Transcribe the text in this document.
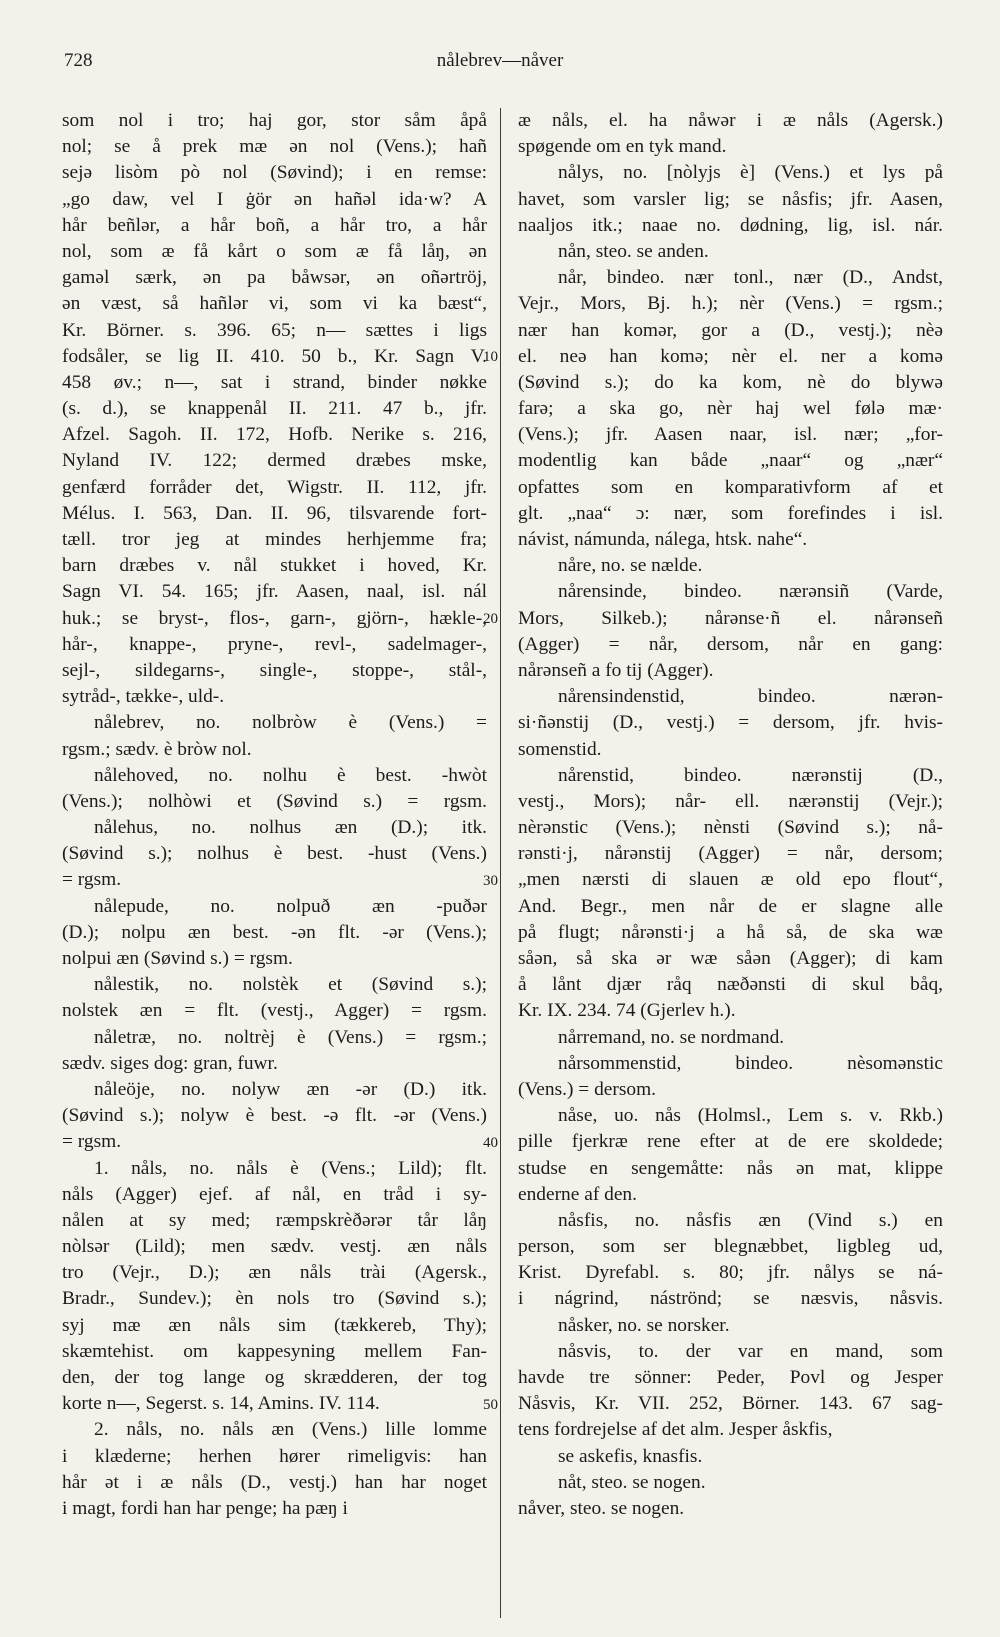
728	nålebrev—nåver
som nol i tro; haj gor, stor såm åpå
nol; se å prek mæ ən nol (Vens.); hañ
sejə lisòm pò nol (Søvind); i en remse:
„go daw, vel I ġör ən hañəl ida·w? A
hår beñlər, a hår boñ, a hår tro, a hår
nol, som æ få kårt o som æ få låŋ, ən
gaməl særk, ən pa båwsər, ən oñərtröj,
ən væst, så hañlər vi, som vi ka bæst“,
Kr. Börner. s. 396. 65; n— sættes i ligs
fodsåler, se lig II. 410. 50 b., Kr. Sagn V.
458 øv.; n—, sat i strand, binder nøkke
(s. d.), se knappenål II. 211. 47 b., jfr.
Afzel. Sagoh. II. 172, Hofb. Nerike s. 216,
Nyland IV. 122; dermed dræbes mske,
genfærd forråder det, Wigstr. II. 112, jfr.
Mélus. I. 563, Dan. II. 96, tilsvarende fort-
tæll. tror jeg at mindes herhjemme fra;
barn dræbes v. nål stukket i hoved, Kr.
Sagn VI. 54. 165; jfr. Aasen, naal, isl. nál
huk.; se bryst-, flos-, garn-, gjörn-, hækle-,
hår-, knappe-, pryne-, revl-, sadelmager-,
sejl-, sildegarns-, single-, stoppe-, stål-,
sytråd-, tække-, uld-.
nålebrev, no. nolbròw è (Vens.) =
rgsm.; sædv. è bròw nol.
nålehoved, no. nolhu è best. -hwòt
(Vens.); nolhòwi et (Søvind s.) = rgsm.
nålehus, no. nolhus æn (D.); itk.
(Søvind s.); nolhus è best. -hust (Vens.)
= rgsm.
nålepude, no. nolpuð æn -puðər
(D.); nolpu æn best. -ən flt. -ər (Vens.);
nolpui æn (Søvind s.) = rgsm.
nålestik, no. nolstèk et (Søvind s.);
nolstek æn = flt. (vestj., Agger) = rgsm.
nåletræ, no. noltrèj è (Vens.) = rgsm.;
sædv. siges dog: gran, fuwr.
nåleöje, no. nolyw æn -ər (D.) itk.
(Søvind s.); nolyw è best. -ə flt. -ər (Vens.)
= rgsm.
1. nåls, no. nåls è (Vens.; Lild); flt.
nåls (Agger) ejef. af nål, en tråd i sy-
nålen at sy med; ræmpskrèðərər tår låŋ
nòlsər (Lild); men sædv. vestj. æn nåls
tro (Vejr., D.); æn nåls trài (Agersk.,
Bradr., Sundev.); èn nols tro (Søvind s.);
syj mæ æn nåls sim (tækkereb, Thy);
skæmtehist. om kappesyning mellem Fan-
den, der tog lange og skrædderen, der tog
korte n—, Segerst. s. 14, Amins. IV. 114.
2. nåls, no. nåls æn (Vens.) lille lomme
i klæderne; herhen hører rimeligvis: han
hår ət i æ nåls (D., vestj.) han har noget
i magt, fordi han har penge; ha pæŋ i
æ nåls, el. ha nåwər i æ nåls (Agersk.)
spøgende om en tyk mand.
nålys, no. [nòlyjs è] (Vens.) et lys på
havet, som varsler lig; se nåsfis; jfr. Aasen,
naaljos itk.; naae no. dødning, lig, isl. nár.
nån, steo. se anden.
når, bindeo. nær tonl., nær (D., Andst,
Vejr., Mors, Bj. h.); nèr (Vens.) = rgsm.;
nær han komər, gor a (D., vestj.); nèə
el. neə han komə; nèr el. ner a komə
(Søvind s.); do ka kom, nè do blywə
farə; a ska go, nèr haj wel følə mæ·
(Vens.); jfr. Aasen naar, isl. nær; „for-
modentlig kan både „naar“ og „nær“
opfattes som en komparativform af et
glt. „naa“ ɔ: nær, som forefindes i isl.
návist, námunda, nálega, htsk. nahe“.
nåre, no. se nælde.
nårensinde, bindeo. nærənsiñ (Varde,
Mors, Silkeb.); nårənse·ñ el. nårənseñ
(Agger) = når, dersom, når en gang:
nårənseñ a fo tij (Agger).
nårensindenstid, bindeo. nærən-
si·ñənstij (D., vestj.) = dersom, jfr. hvis-
somenstid.
nårenstid, bindeo. nærənstij (D.,
vestj., Mors); når- ell. nærənstij (Vejr.);
nèrənstic (Vens.); nènsti (Søvind s.); nå-
rənsti·j, nårənstij (Agger) = når, dersom;
„men nærsti di slauen æ old epo flout“,
And. Begr., men når de er slagne alle
på flugt; nårənsti·j a hå så, de ska wæ
såən, så ska ər wæ såən (Agger); di kam
å lånt djær råq næðənsti di skul båq,
Kr. IX. 234. 74 (Gjerlev h.).
nårremand, no. se nordmand.
nårsommenstid, bindeo. nèsomənstic
(Vens.) = dersom.
nåse, uo. nås (Holmsl., Lem s. v. Rkb.)
pille fjerkræ rene efter at de ere skoldede;
studse en sengemåtte: nås ən mat, klippe
enderne af den.
nåsfis, no. nåsfis æn (Vind s.) en
person, som ser blegnæbbet, ligbleg ud,
Krist. Dyrefabl. s. 80; jfr. nålys se ná-
i nágrind, náströnd; se næsvis, nåsvis.
nåsker, no. se norsker.
nåsvis, to. der var en mand, som
havde tre sönner: Peder, Povl og Jesper
Nåsvis, Kr. VII. 252, Börner. 143. 67 sag-
tens fordrejelse af det alm. Jesper åskfis,
se askefis, knasfis.
nåt, steo. se nogen.
nåver, steo. se nogen.
10
20
30
40
50
